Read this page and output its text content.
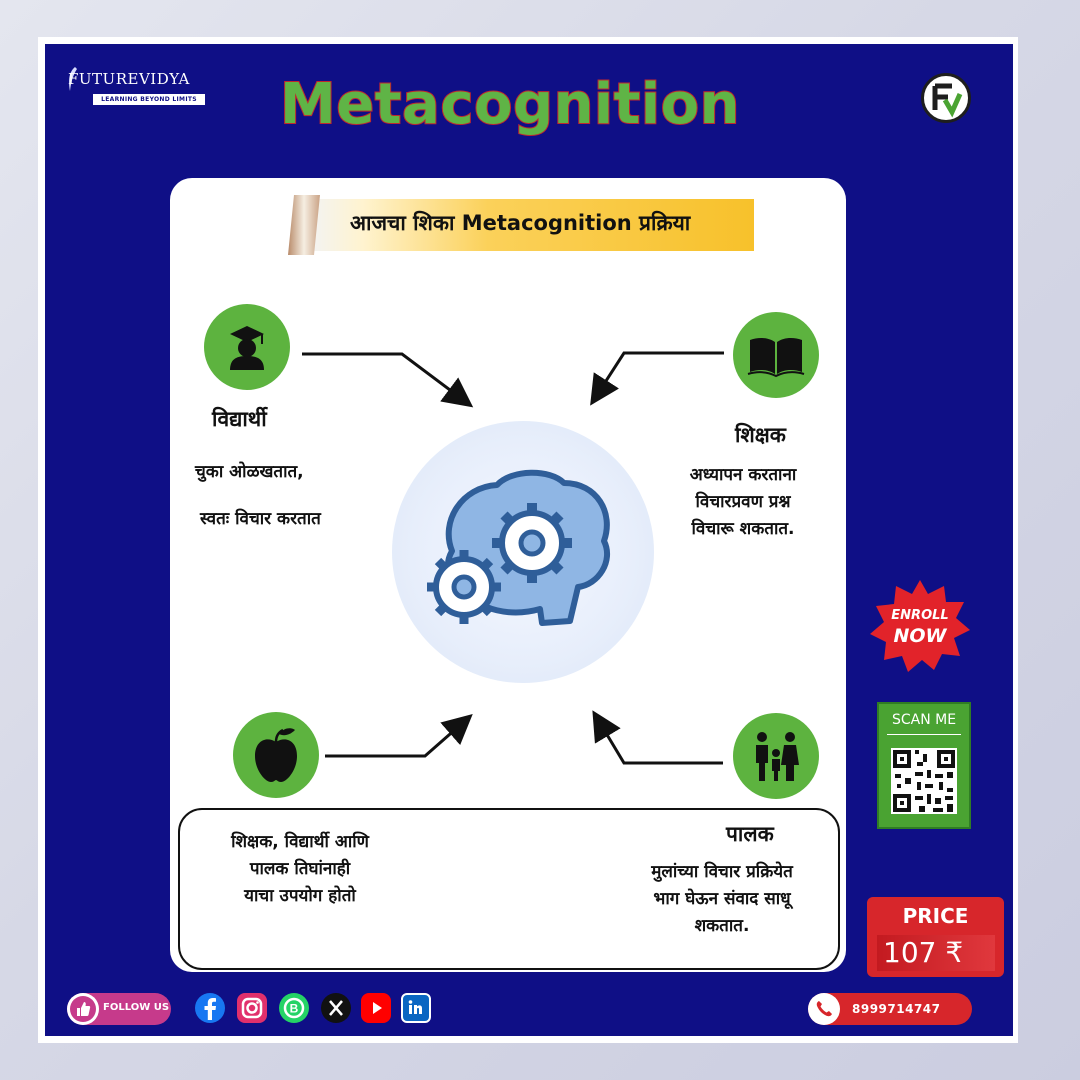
FUTUREVIDYA
LEARNING BEYOND LIMITS	Metacognition
आजचा शिका Metacognition प्रक्रिया
विद्यार्थी
चुका ओळखतात,
स्वतः विचार करतात
शिक्षक
अध्यापन करताना
विचारप्रवण प्रश्न
विचारू शकतात.
शिक्षक, विद्यार्थी आणि
पालक तिघांनाही
याचा उपयोग होतो
पालक
मुलांच्या विचार प्रक्रियेत
भाग घेऊन संवाद साधू
शकतात.
ENROLL
NOW
SCAN ME
PRICE
107 ₹
FOLLOW US	B	8999714747
